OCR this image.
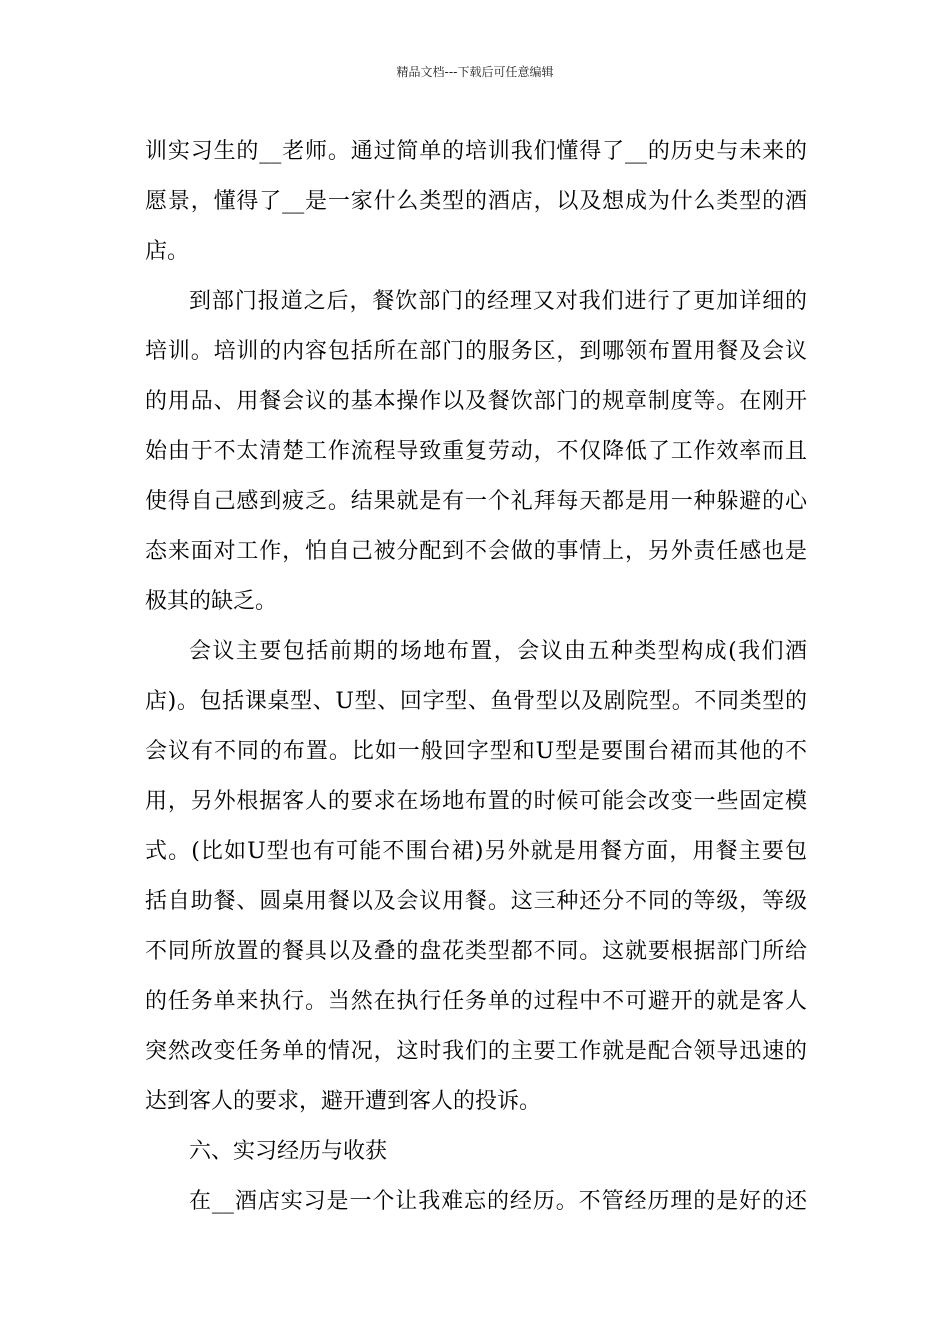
精品文档---下载后可任意编辑
训实习生的__老师。通过简单的培训我们懂得了__的历史与未来的
愿景，懂得了__是一家什么类型的酒店，以及想成为什么类型的酒
店。
到部门报道之后，餐饮部门的经理又对我们进行了更加详细的
培训。培训的内容包括所在部门的服务区，到哪领布置用餐及会议
的用品、用餐会议的基本操作以及餐饮部门的规章制度等。在刚开
始由于不太清楚工作流程导致重复劳动，不仅降低了工作效率而且
使得自己感到疲乏。结果就是有一个礼拜每天都是用一种躲避的心
态来面对工作，怕自己被分配到不会做的事情上，另外责任感也是
极其的缺乏。
会议主要包括前期的场地布置，会议由五种类型构成(我们酒
店)。包括课桌型、U型、回字型、鱼骨型以及剧院型。不同类型的
会议有不同的布置。比如一般回字型和U型是要围台裙而其他的不
用，另外根据客人的要求在场地布置的时候可能会改变一些固定模
式。(比如U型也有可能不围台裙)另外就是用餐方面，用餐主要包
括自助餐、圆桌用餐以及会议用餐。这三种还分不同的等级，等级
不同所放置的餐具以及叠的盘花类型都不同。这就要根据部门所给
的任务单来执行。当然在执行任务单的过程中不可避开的就是客人
突然改变任务单的情况，这时我们的主要工作就是配合领导迅速的
达到客人的要求，避开遭到客人的投诉。
六、实习经历与收获
在__酒店实习是一个让我难忘的经历。不管经历理的是好的还
